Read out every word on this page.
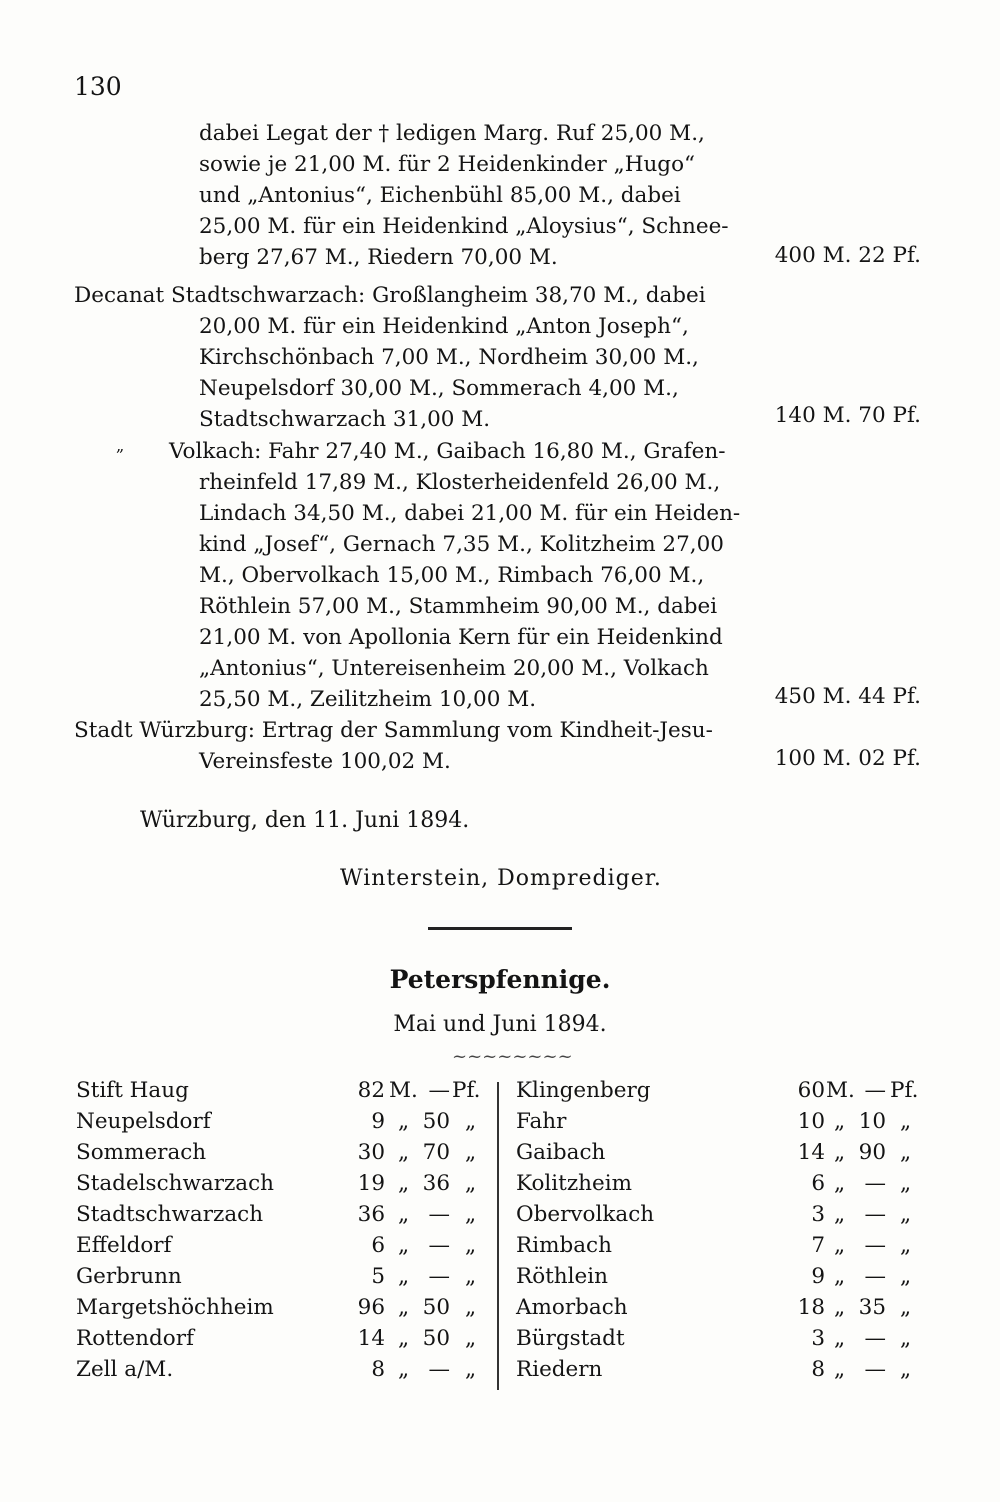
130
dabei Legat der † ledigen Marg. Ruf 25,00 M.,
sowie je 21,00 M. für 2 Heidenkinder „Hugo“
und „Antonius“, Eichenbühl 85,00 M., dabei
25,00 M. für ein Heidenkind „Aloysius“, Schnee-
berg 27,67 M., Riedern 70,00 M.	400 M. 22 Pf.
Decanat Stadtschwarzach: Großlangheim 38,70 M., dabei
20,00 M. für ein Heidenkind „Anton Joseph“,
Kirchschönbach 7,00 M., Nordheim 30,00 M.,
Neupelsdorf 30,00 M., Sommerach 4,00 M.,
Stadtschwarzach 31,00 M.	140 M. 70 Pf.
„	Volkach: Fahr 27,40 M., Gaibach 16,80 M., Grafen-
rheinfeld 17,89 M., Klosterheidenfeld 26,00 M.,
Lindach 34,50 M., dabei 21,00 M. für ein Heiden-
kind „Josef“, Gernach 7,35 M., Kolitzheim 27,00
M., Obervolkach 15,00 M., Rimbach 76,00 M.,
Röthlein 57,00 M., Stammheim 90,00 M., dabei
21,00 M. von Apollonia Kern für ein Heidenkind
„Antonius“, Untereisenheim 20,00 M., Volkach
25,50 M., Zeilitzheim 10,00 M.	450 M. 44 Pf.
Stadt Würzburg: Ertrag der Sammlung vom Kindheit-Jesu-
Vereinsfeste 100,02 M.	100 M. 02 Pf.
Würzburg, den 11. Juni 1894.
Winterstein, Domprediger.
Peterspfennige.
Mai und Juni 1894.
~~~~~~~~
Stift Haug	82 M. — Pf. Klingenberg	60 M. — Pf.
Neupelsdorf	9 „ 50 „ Fahr	10 „ 10 „
Sommerach	30 „ 70 „ Gaibach	14 „ 90 „
Stadelschwarzach	19 „ 36 „ Kolitzheim	6 „ — „
Stadtschwarzach	36 „ — „ Obervolkach	3 „ — „
Effeldorf	6 „ — „ Rimbach	7 „ — „
Gerbrunn	5 „ — „ Röthlein	9 „ — „
Margetshöchheim	96 „ 50 „ Amorbach	18 „ 35 „
Rottendorf	14 „ 50 „ Bürgstadt	3 „ — „
Zell a/M.	8 „ — „ Riedern	8 „ — „
